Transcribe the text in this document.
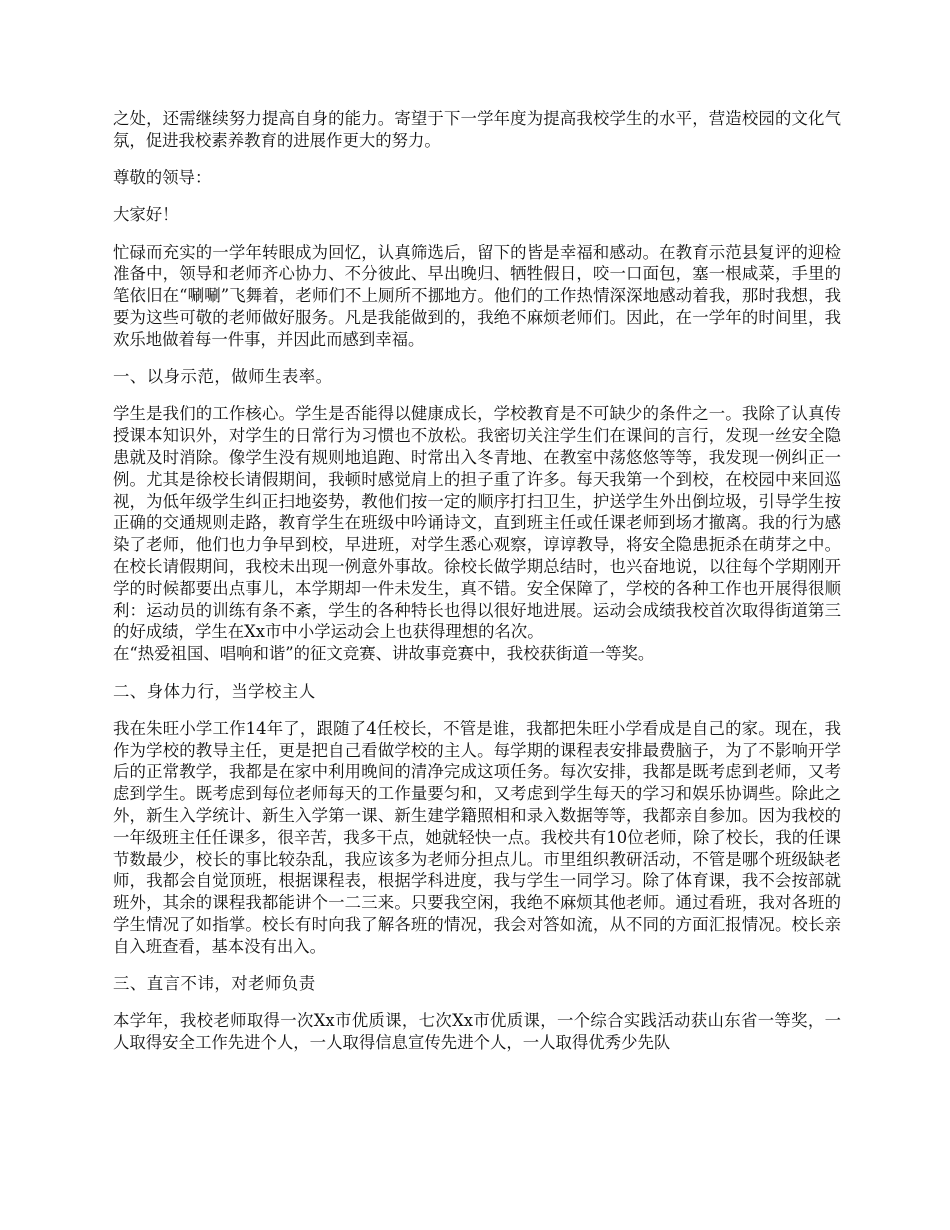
之处，还需继续努力提高自身的能力。寄望于下一学年度为提高我校学生的水平，营造校园的文化气氛，促进我校素养教育的进展作更大的努力。

尊敬的领导：

大家好！

忙碌而充实的一学年转眼成为回忆，认真筛选后，留下的皆是幸福和感动。在教育示范县复评的迎检准备中，领导和老师齐心协力、不分彼此、早出晚归、牺牲假日，咬一口面包，塞一根咸菜，手里的笔依旧在“唰唰”飞舞着，老师们不上厕所不挪地方。他们的工作热情深深地感动着我，那时我想，我要为这些可敬的老师做好服务。凡是我能做到的，我绝不麻烦老师们。因此，在一学年的时间里，我欢乐地做着每一件事，并因此而感到幸福。

一、以身示范，做师生表率。

学生是我们的工作核心。学生是否能得以健康成长，学校教育是不可缺少的条件之一。我除了认真传授课本知识外，对学生的日常行为习惯也不放松。我密切关注学生们在课间的言行，发现一丝安全隐患就及时消除。像学生没有规则地追跑、时常出入冬青地、在教室中荡悠悠等等，我发现一例纠正一例。尤其是徐校长请假期间，我顿时感觉肩上的担子重了许多。每天我第一个到校，在校园中来回巡视，为低年级学生纠正扫地姿势，教他们按一定的顺序打扫卫生，护送学生外出倒垃圾，引导学生按正确的交通规则走路，教育学生在班级中吟诵诗文，直到班主任或任课老师到场才撤离。我的行为感染了老师，他们也力争早到校，早进班，对学生悉心观察，谆谆教导，将安全隐患扼杀在萌芽之中。在校长请假期间，我校未出现一例意外事故。徐校长做学期总结时，也兴奋地说，以往每个学期刚开学的时候都要出点事儿，本学期却一件未发生，真不错。安全保障了，学校的各种工作也开展得很顺利：运动员的训练有条不紊，学生的各种特长也得以很好地进展。运动会成绩我校首次取得街道第三的好成绩，学生在Xx市中小学运动会上也获得理想的名次。

在“热爱祖国、唱响和谐”的征文竞赛、讲故事竞赛中，我校获街道一等奖。

二、身体力行，当学校主人

我在朱旺小学工作14年了，跟随了4任校长，不管是谁，我都把朱旺小学看成是自己的家。现在，我作为学校的教导主任，更是把自己看做学校的主人。每学期的课程表安排最费脑子，为了不影响开学后的正常教学，我都是在家中利用晚间的清净完成这项任务。每次安排，我都是既考虑到老师，又考虑到学生。既考虑到每位老师每天的工作量要匀和，又考虑到学生每天的学习和娱乐协调些。除此之外，新生入学统计、新生入学第一课、新生建学籍照相和录入数据等等，我都亲自参加。因为我校的一年级班主任任课多，很辛苦，我多干点，她就轻快一点。我校共有10位老师，除了校长，我的任课节数最少，校长的事比较杂乱，我应该多为老师分担点儿。市里组织教研活动，不管是哪个班级缺老师，我都会自觉顶班，根据课程表，根据学科进度，我与学生一同学习。除了体育课，我不会按部就班外，其余的课程我都能讲个一二三来。只要我空闲，我绝不麻烦其他老师。通过看班，我对各班的学生情况了如指掌。校长有时向我了解各班的情况，我会对答如流，从不同的方面汇报情况。校长亲自入班查看，基本没有出入。

三、直言不讳，对老师负责

本学年，我校老师取得一次Xx市优质课，七次Xx市优质课，一个综合实践活动获山东省一等奖，一人取得安全工作先进个人，一人取得信息宣传先进个人，一人取得优秀少先队
